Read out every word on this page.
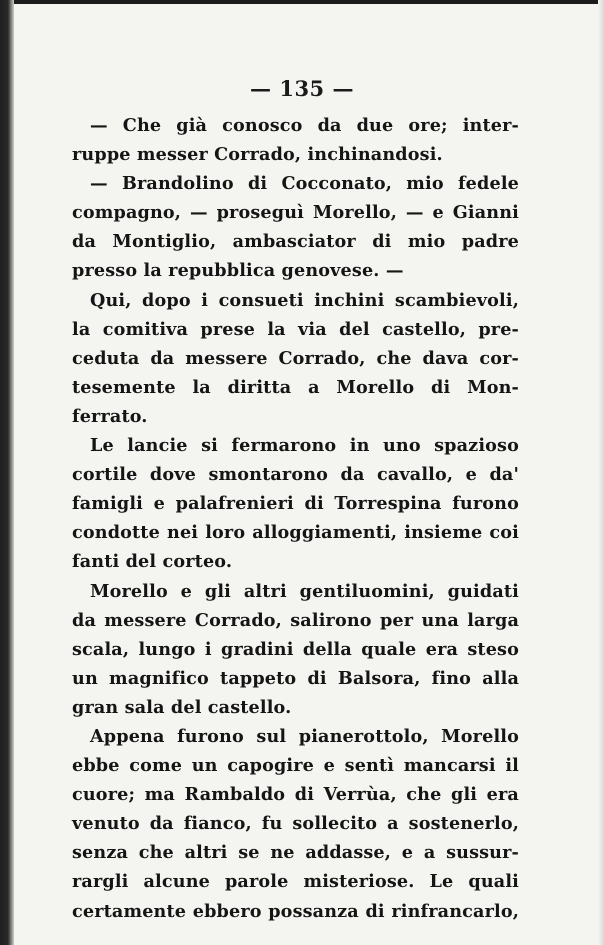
— 135 —
— Che già conosco da due ore; inter-
ruppe messer Corrado, inchinandosi.
— Brandolino di Cocconato, mio fedele
compagno, — proseguì Morello, — e Gianni
da Montiglio, ambasciator di mio padre
presso la repubblica genovese. —
Qui, dopo i consueti inchini scambievoli,
la comitiva prese la via del castello, pre-
ceduta da messere Corrado, che dava cor-
tesemente la diritta a Morello di Mon-
ferrato.
Le lancie si fermarono in uno spazioso
cortile dove smontarono da cavallo, e da'
famigli e palafrenieri di Torrespina furono
condotte nei loro alloggiamenti, insieme coi
fanti del corteo.
Morello e gli altri gentiluomini, guidati
da messere Corrado, salirono per una larga
scala, lungo i gradini della quale era steso
un magnifico tappeto di Balsora, fino alla
gran sala del castello.
Appena furono sul pianerottolo, Morello
ebbe come un capogire e sentì mancarsi il
cuore; ma Rambaldo di Verrùa, che gli era
venuto da fianco, fu sollecito a sostenerlo,
senza che altri se ne addasse, e a sussur-
rargli alcune parole misteriose. Le quali
certamente ebbero possanza di rinfrancarlo,
